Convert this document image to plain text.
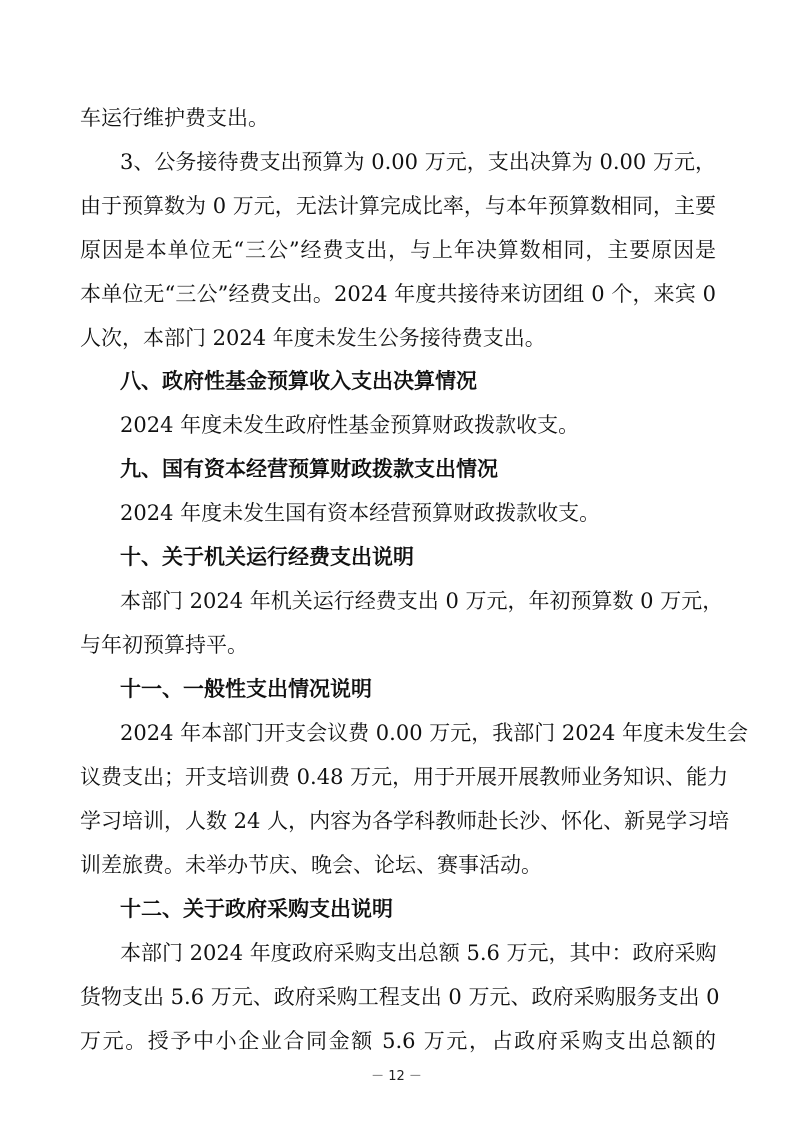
车运行维护费支出。
3、公务接待费支出预算为 0.00 万元，支出决算为 0.00 万元，
由于预算数为 0 万元，无法计算完成比率，与本年预算数相同，主要
原因是本单位无“三公”经费支出，与上年决算数相同，主要原因是
本单位无“三公”经费支出。2024 年度共接待来访团组 0 个，来宾 0
人次，本部门 2024 年度未发生公务接待费支出。
八、政府性基金预算收入支出决算情况
2024 年度未发生政府性基金预算财政拨款收支。
九、国有资本经营预算财政拨款支出情况
2024 年度未发生国有资本经营预算财政拨款收支。
十、关于机关运行经费支出说明
本部门 2024 年机关运行经费支出 0 万元，年初预算数 0 万元，
与年初预算持平。
十一、一般性支出情况说明
2024 年本部门开支会议费 0.00 万元，我部门 2024 年度未发生会
议费支出；开支培训费 0.48 万元，用于开展开展教师业务知识、能力
学习培训，人数 24 人，内容为各学科教师赴长沙、怀化、新晃学习培
训差旅费。未举办节庆、晚会、论坛、赛事活动。
十二、关于政府采购支出说明
本部门 2024 年度政府采购支出总额 5.6 万元，其中：政府采购
货物支出 5.6 万元、政府采购工程支出 0 万元、政府采购服务支出 0
万元。授予中小企业合同金额 5.6 万元，占政府采购支出总额的
－ 12 －
